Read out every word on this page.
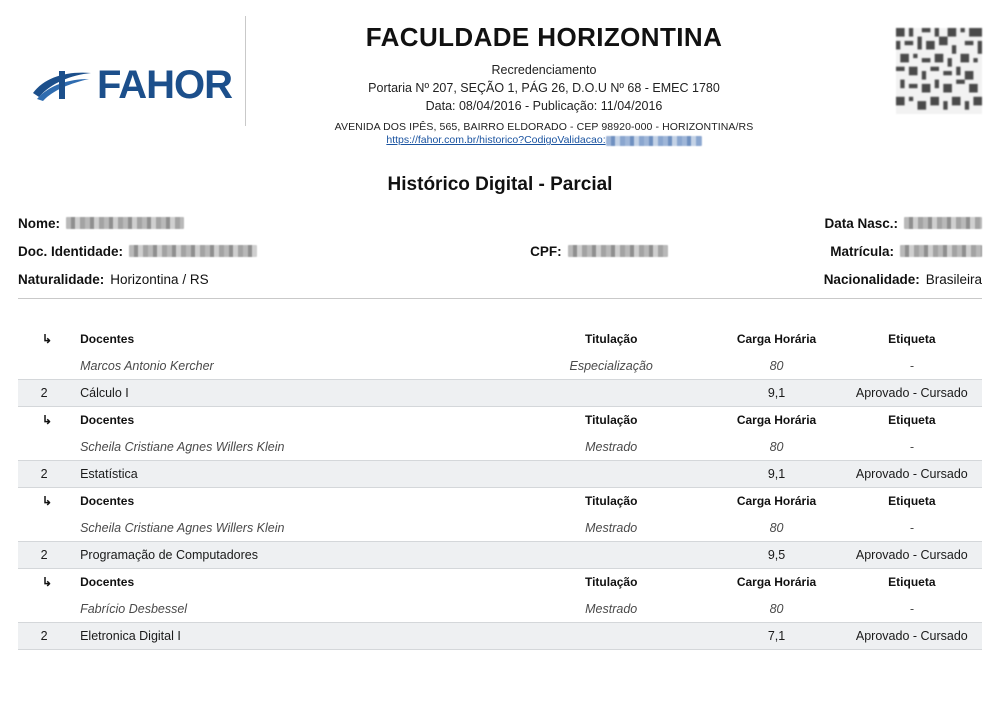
FAHOR
FACULDADE HORIZONTINA
Recredenciamento
Portaria Nº 207, SEÇÃO 1, PÁG 26, D.O.U Nº 68 - EMEC 1780
Data: 08/04/2016 - Publicação: 11/04/2016
AVENIDA DOS IPÊS, 565, BAIRRO ELDORADO - CEP 98920-000 - HORIZONTINA/RS
https://fahor.com.br/historico?CodigoValidacao:
Histórico Digital - Parcial
Nome:	Data Nasc.:
Doc. Identidade:	CPF:	Matrícula:
Naturalidade: Horizontina / RS	Nacionalidade: Brasileira
↳	Docentes	Titulação	Carga Horária	Etiqueta
	Marcos Antonio Kercher	Especialização	80	-
2	Cálculo I		9,1	Aprovado - Cursado
↳	Docentes	Titulação	Carga Horária	Etiqueta
	Scheila Cristiane Agnes Willers Klein	Mestrado	80	-
2	Estatística		9,1	Aprovado - Cursado
↳	Docentes	Titulação	Carga Horária	Etiqueta
	Scheila Cristiane Agnes Willers Klein	Mestrado	80	-
2	Programação de Computadores		9,5	Aprovado - Cursado
↳	Docentes	Titulação	Carga Horária	Etiqueta
	Fabrício Desbessel	Mestrado	80	-
2	Eletronica Digital I		7,1	Aprovado - Cursado
